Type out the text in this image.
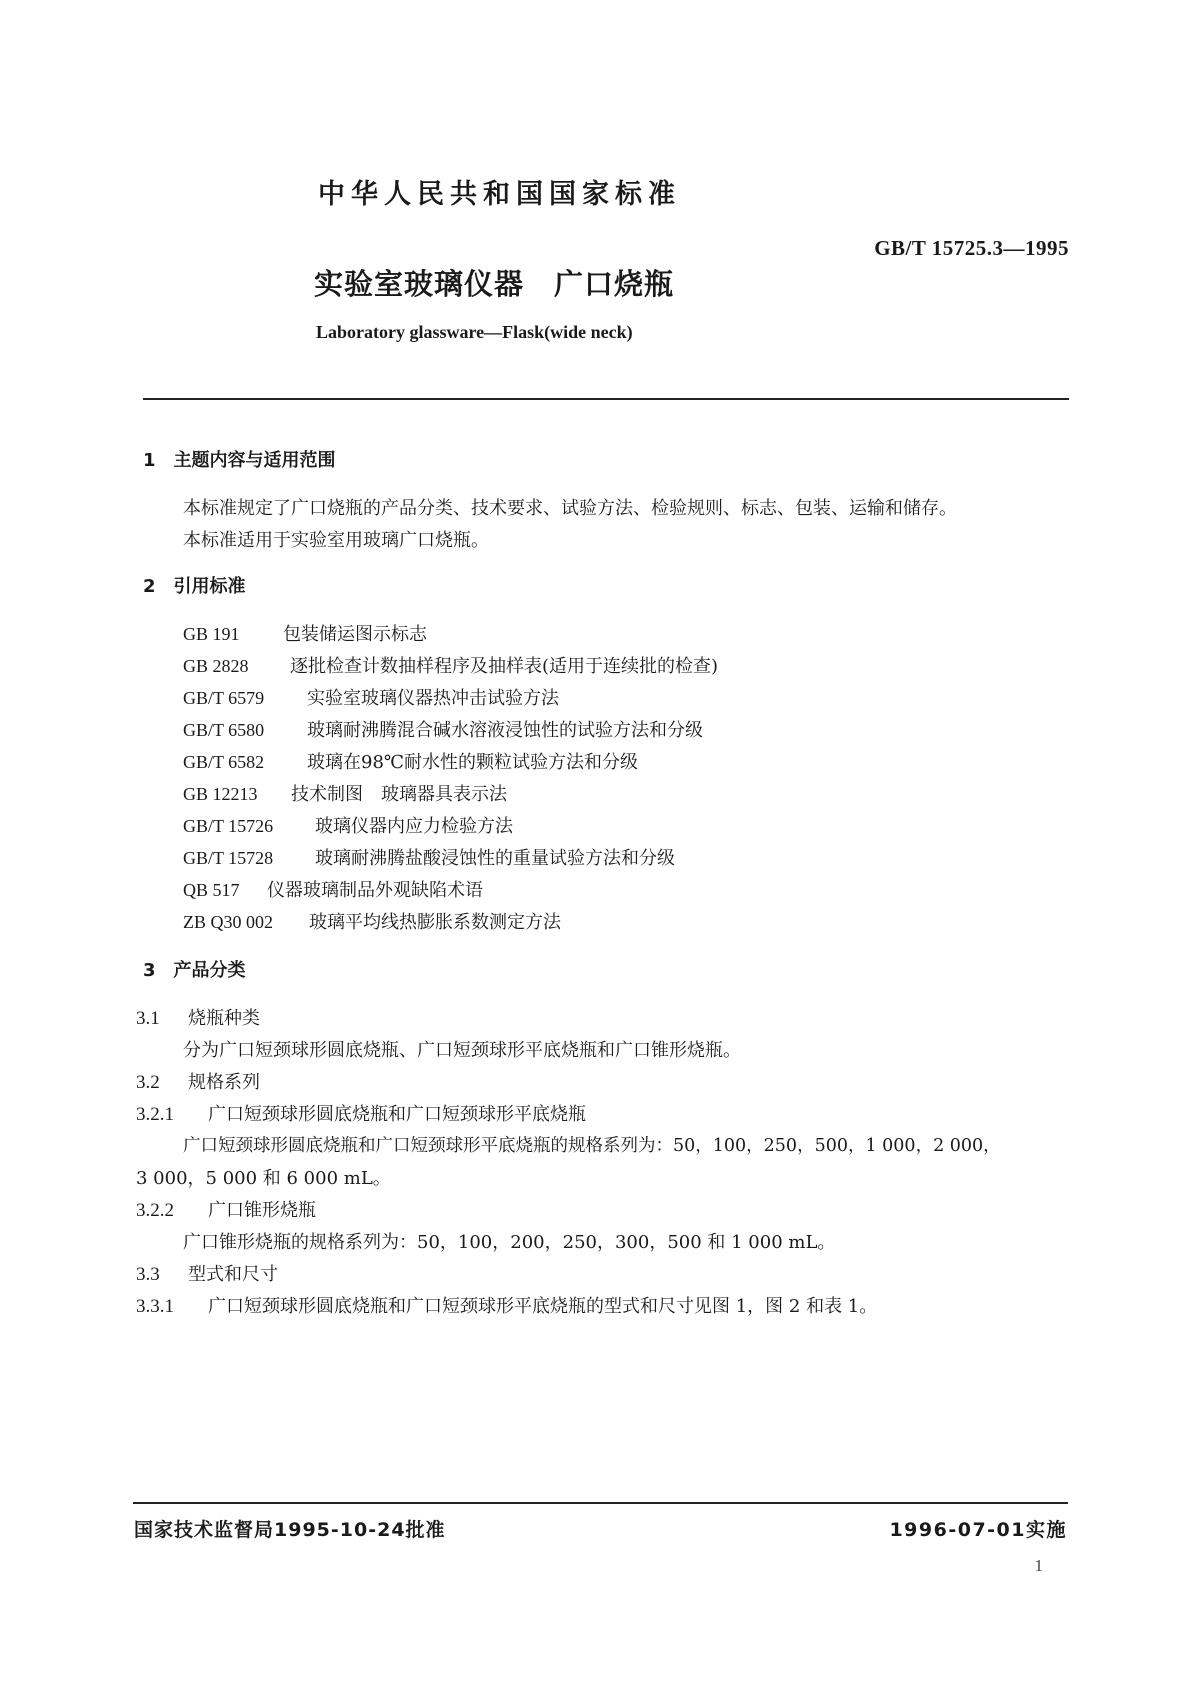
中华人民共和国国家标准
GB/T 15725.3—1995
实验室玻璃仪器　广口烧瓶
Laboratory glassware—Flask(wide neck)
1　主题内容与适用范围
本标准规定了广口烧瓶的产品分类、技术要求、试验方法、检验规则、标志、包装、运输和储存。
本标准适用于实验室用玻璃广口烧瓶。
2　引用标准
GB 191 包装储运图示标志
GB 2828 逐批检查计数抽样程序及抽样表(适用于连续批的检查)
GB/T 6579 实验室玻璃仪器热冲击试验方法
GB/T 6580 玻璃耐沸腾混合碱水溶液浸蚀性的试验方法和分级
GB/T 6582 玻璃在98℃耐水性的颗粒试验方法和分级
GB 12213 技术制图　玻璃器具表示法
GB/T 15726 玻璃仪器内应力检验方法
GB/T 15728 玻璃耐沸腾盐酸浸蚀性的重量试验方法和分级
QB 517 仪器玻璃制品外观缺陷术语
ZB Q30 002 玻璃平均线热膨胀系数测定方法
3　产品分类
3.1 烧瓶种类
分为广口短颈球形圆底烧瓶、广口短颈球形平底烧瓶和广口锥形烧瓶。
3.2 规格系列
3.2.1 广口短颈球形圆底烧瓶和广口短颈球形平底烧瓶
广口短颈球形圆底烧瓶和广口短颈球形平底烧瓶的规格系列为：50，100，250，500，1 000，2 000，
3 000，5 000 和 6 000 mL。
3.2.2 广口锥形烧瓶
广口锥形烧瓶的规格系列为：50，100，200，250，300，500 和 1 000 mL。
3.3 型式和尺寸
3.3.1 广口短颈球形圆底烧瓶和广口短颈球形平底烧瓶的型式和尺寸见图 1，图 2 和表 1。
国家技术监督局1995-10-24批准	1996-07-01实施
1
